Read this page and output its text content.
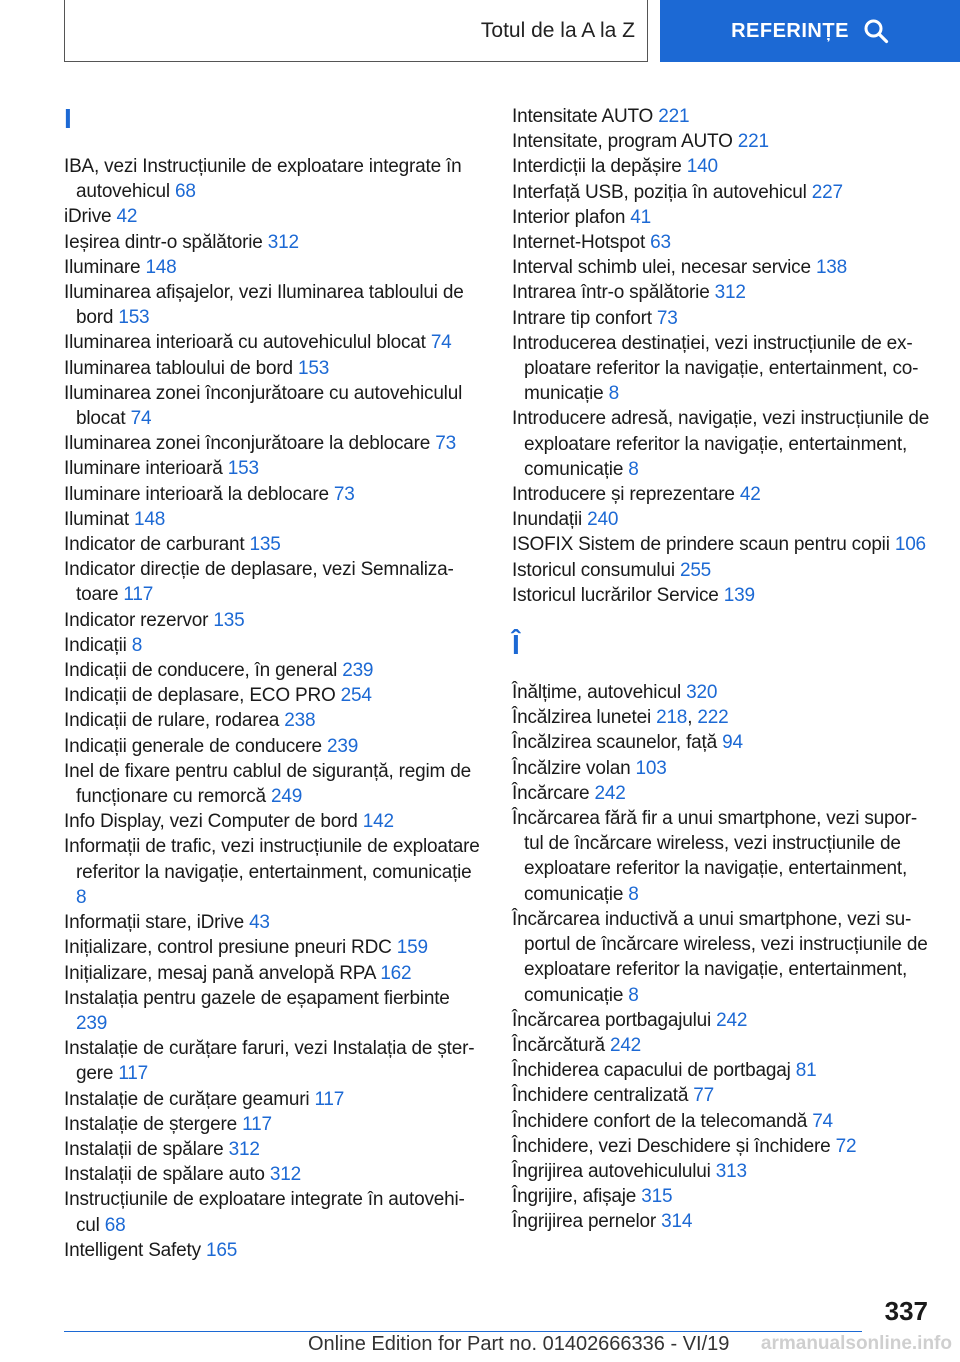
Totul de la A la Z	REFERINȚE
I
IBA, vezi Instrucțiunile de exploatare integrate în autovehicul 68
iDrive 42
Ieșirea dintr-o spălătorie 312
Iluminare 148
Iluminarea afișajelor, vezi Iluminarea tabloului de bord 153
Iluminarea interioară cu autovehiculul blocat 74
Iluminarea tabloului de bord 153
Iluminarea zonei înconjurătoare cu autovehiculul blocat 74
Iluminarea zonei înconjurătoare la deblocare 73
Iluminare interioară 153
Iluminare interioară la deblocare 73
Iluminat 148
Indicator de carburant 135
Indicator direcție de deplasare, vezi Semnalizatoare 117
Indicator rezervor 135
Indicații 8
Indicații de conducere, în general 239
Indicații de deplasare, ECO PRO 254
Indicații de rulare, rodarea 238
Indicații generale de conducere 239
Inel de fixare pentru cablul de siguranță, regim de funcționare cu remorcă 249
Info Display, vezi Computer de bord 142
Informații de trafic, vezi instrucțiunile de exploatare referitor la navigație, entertainment, comunicație 8
Informații stare, iDrive 43
Inițializare, control presiune pneuri RDC 159
Inițializare, mesaj pană anvelopă RPA 162
Instalația pentru gazele de eșapament fierbinte 239
Instalație de curățare faruri, vezi Instalația de ștergere 117
Instalație de curățare geamuri 117
Instalație de ștergere 117
Instalații de spălare 312
Instalații de spălare auto 312
Instrucțiunile de exploatare integrate în autovehicul 68
Intelligent Safety 165
Intensitate AUTO 221
Intensitate, program AUTO 221
Interdicții la depășire 140
Interfață USB, poziția în autovehicul 227
Interior plafon 41
Internet-Hotspot 63
Interval schimb ulei, necesar service 138
Intrarea într-o spălătorie 312
Intrare tip confort 73
Introducerea destinației, vezi instrucțiunile de exploatare referitor la navigație, entertainment, comunicație 8
Introducere adresă, navigație, vezi instrucțiunile de exploatare referitor la navigație, entertainment, comunicație 8
Introducere și reprezentare 42
Inundații 240
ISOFIX Sistem de prindere scaun pentru copii 106
Istoricul consumului 255
Istoricul lucrărilor Service 139
Î
Înălțime, autovehicul 320
Încălzirea lunetei 218, 222
Încălzirea scaunelor, față 94
Încălzire volan 103
Încărcare 242
Încărcarea fără fir a unui smartphone, vezi suportul de încărcare wireless, vezi instrucțiunile de exploatare referitor la navigație, entertainment, comunicație 8
Încărcarea inductivă a unui smartphone, vezi suportul de încărcare wireless, vezi instrucțiunile de exploatare referitor la navigație, entertainment, comunicație 8
Încărcarea portbagajului 242
Încărcătură 242
Închiderea capacului de portbagaj 81
Închidere centralizată 77
Închidere confort de la telecomandă 74
Închidere, vezi Deschidere și închidere 72
Îngrijirea autovehiculului 313
Îngrijire, afișaje 315
Îngrijirea pernelor 314
337
Online Edition for Part no. 01402666336 - VI/19 armanualsonline.info
